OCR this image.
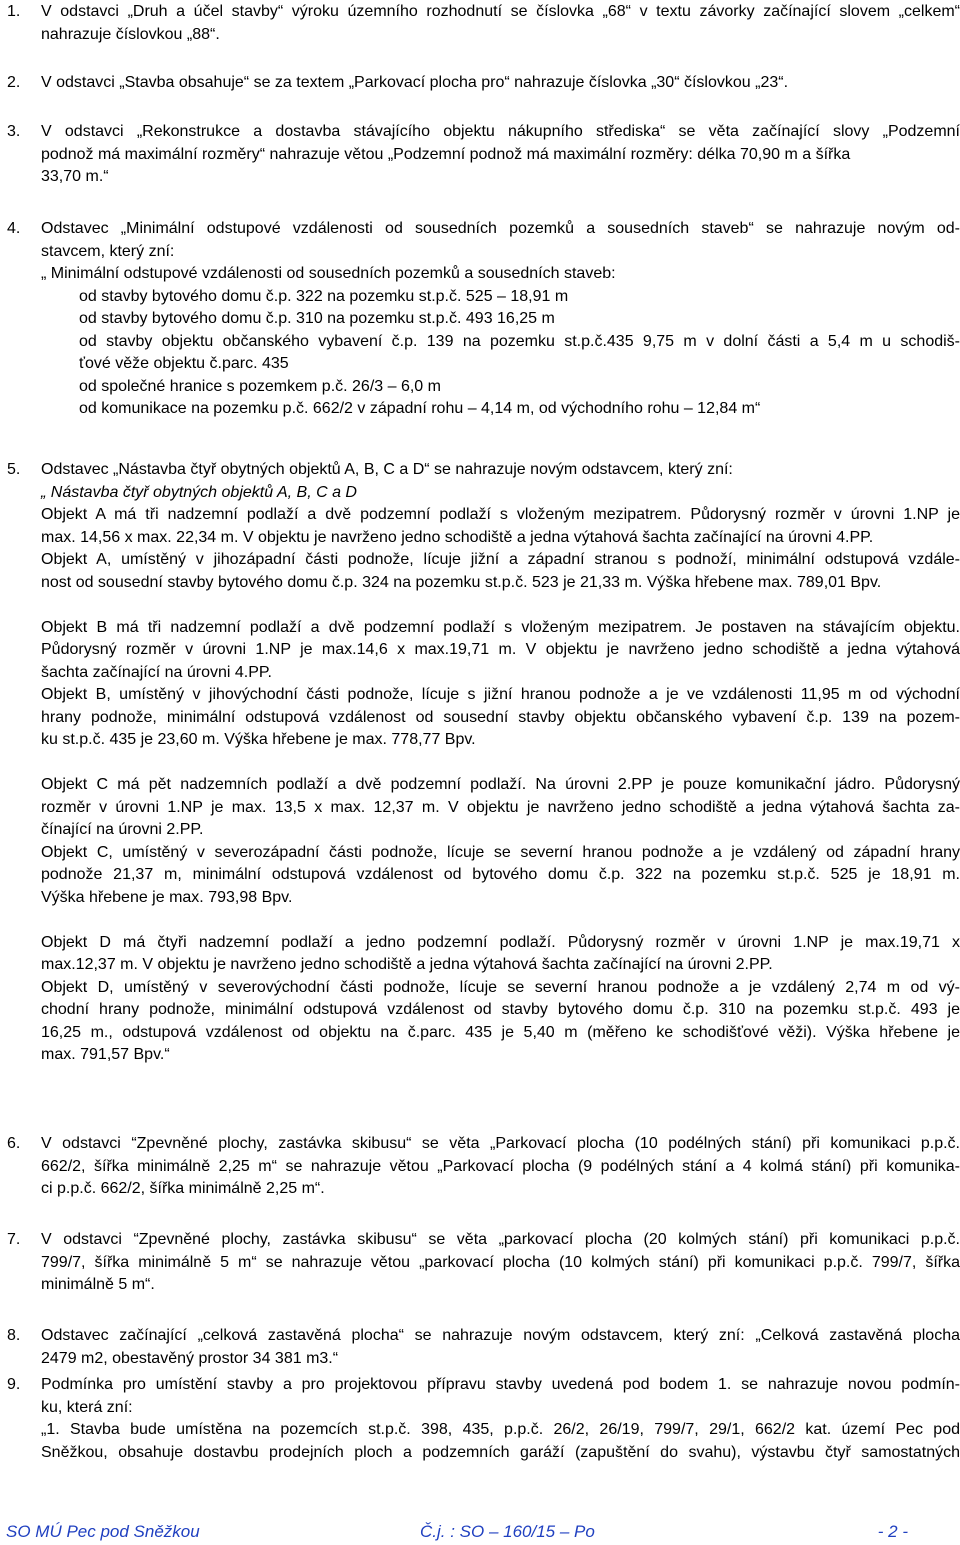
1. V odstavci „Druh a účel stavby“ výroku územního rozhodnutí se číslovka „68“ v textu závorky začínající slovem „celkem“
nahrazuje číslovkou „88“.
2. V odstavci „Stavba obsahuje“ se za textem „Parkovací plocha pro“ nahrazuje číslovka „30“ číslovkou „23“.
3. V odstavci „Rekonstrukce a dostavba stávajícího objektu nákupního střediska“ se věta začínající slovy „Podzemní
podnož má maximální rozměry“ nahrazuje větou „Podzemní podnož má maximální rozměry: délka 70,90 m a šířka
33,70 m.“
4. Odstavec „Minimální odstupové vzdálenosti od sousedních pozemků a sousedních staveb“ se nahrazuje novým od-
stavcem, který zní:
„ Minimální odstupové vzdálenosti od sousedních pozemků a sousedních staveb:
od stavby bytového domu č.p. 322 na pozemku st.p.č. 525 – 18,91 m
od stavby bytového domu č.p. 310 na pozemku st.p.č. 493 16,25 m
od stavby objektu občanského vybavení č.p. 139 na pozemku st.p.č.435 9,75 m v dolní části a 5,4 m u schodiš-
ťové věže objektu č.parc. 435
od společné hranice s pozemkem p.č. 26/3 – 6,0 m
od komunikace na pozemku p.č. 662/2 v západní rohu – 4,14 m, od východního rohu – 12,84 m“
5. Odstavec „Nástavba čtyř obytných objektů A, B, C a D“ se nahrazuje novým odstavcem, který zní:
„ Nástavba čtyř obytných objektů A, B, C a D
Objekt A má tři nadzemní podlaží a dvě podzemní podlaží s vloženým mezipatrem. Půdorysný rozměr v úrovni 1.NP je
max. 14,56 x max. 22,34 m. V objektu je navrženo jedno schodiště a jedna výtahová šachta začínající na úrovni 4.PP.
Objekt A, umístěný v jihozápadní části podnože, lícuje jižní a západní stranou s podnoží, minimální odstupová vzdále-
nost od sousední stavby bytového domu č.p. 324 na pozemku st.p.č. 523 je 21,33 m. Výška hřebene max. 789,01 Bpv.
Objekt B má tři nadzemní podlaží a dvě podzemní podlaží s vloženým mezipatrem. Je postaven na stávajícím objektu.
Půdorysný rozměr v úrovni 1.NP je max.14,6 x max.19,71 m. V objektu je navrženo jedno schodiště a jedna výtahová
šachta začínající na úrovni 4.PP.
Objekt B, umístěný v jihovýchodní části podnože, lícuje s jižní hranou podnože a je ve vzdálenosti 11,95 m od východní
hrany podnože, minimální odstupová vzdálenost od sousední stavby objektu občanského vybavení č.p. 139 na pozem-
ku st.p.č. 435 je 23,60 m. Výška hřebene je max. 778,77 Bpv.
Objekt C má pět nadzemních podlaží a dvě podzemní podlaží. Na úrovni 2.PP je pouze komunikační jádro. Půdorysný
rozměr v úrovni 1.NP je max. 13,5 x max. 12,37 m. V objektu je navrženo jedno schodiště a jedna výtahová šachta za-
čínající na úrovni 2.PP.
Objekt C, umístěný v severozápadní části podnože, lícuje se severní hranou podnože a je vzdálený od západní hrany
podnože 21,37 m, minimální odstupová vzdálenost od bytového domu č.p. 322 na pozemku st.p.č. 525 je 18,91 m.
Výška hřebene je max. 793,98 Bpv.
Objekt D má čtyři nadzemní podlaží a jedno podzemní podlaží. Půdorysný rozměr v úrovni 1.NP je max.19,71 x
max.12,37 m. V objektu je navrženo jedno schodiště a jedna výtahová šachta začínající na úrovni 2.PP.
Objekt D, umístěný v severovýchodní části podnože, lícuje se severní hranou podnože a je vzdálený 2,74 m od vý-
chodní hrany podnože, minimální odstupová vzdálenost od stavby bytového domu č.p. 310 na pozemku st.p.č. 493 je
16,25 m., odstupová vzdálenost od objektu na č.parc. 435 je 5,40 m (měřeno ke schodišťové věži). Výška hřebene je
max. 791,57 Bpv.“
6. V odstavci “Zpevněné plochy, zastávka skibusu“ se věta „Parkovací plocha (10 podélných stání) při komunikaci p.p.č.
662/2, šířka minimálně 2,25 m“ se nahrazuje větou „Parkovací plocha (9 podélných stání a 4 kolmá stání) při komunika-
ci p.p.č. 662/2, šířka minimálně 2,25 m“.
7. V odstavci “Zpevněné plochy, zastávka skibusu“ se věta „parkovací plocha (20 kolmých stání) při komunikaci p.p.č.
799/7, šířka minimálně 5 m“ se nahrazuje větou „parkovací plocha (10 kolmých stání) při komunikaci p.p.č. 799/7, šířka
minimálně 5 m“.
8. Odstavec začínající „celková zastavěná plocha“ se nahrazuje novým odstavcem, který zní: „Celková zastavěná plocha
2479 m2, obestavěný prostor 34 381 m3.“
9. Podmínka pro umístění stavby a pro projektovou přípravu stavby uvedená pod bodem 1. se nahrazuje novou podmín-
ku, která zní:
„1. Stavba bude umístěna na pozemcích st.p.č. 398, 435, p.p.č. 26/2, 26/19, 799/7, 29/1, 662/2 kat. území Pec pod
Sněžkou, obsahuje dostavbu prodejních ploch a podzemních garáží (zapuštění do svahu), výstavbu čtyř samostatných
SO MÚ Pec pod Sněžkou	Č.j. : SO – 160/15 – Po	- 2 -
